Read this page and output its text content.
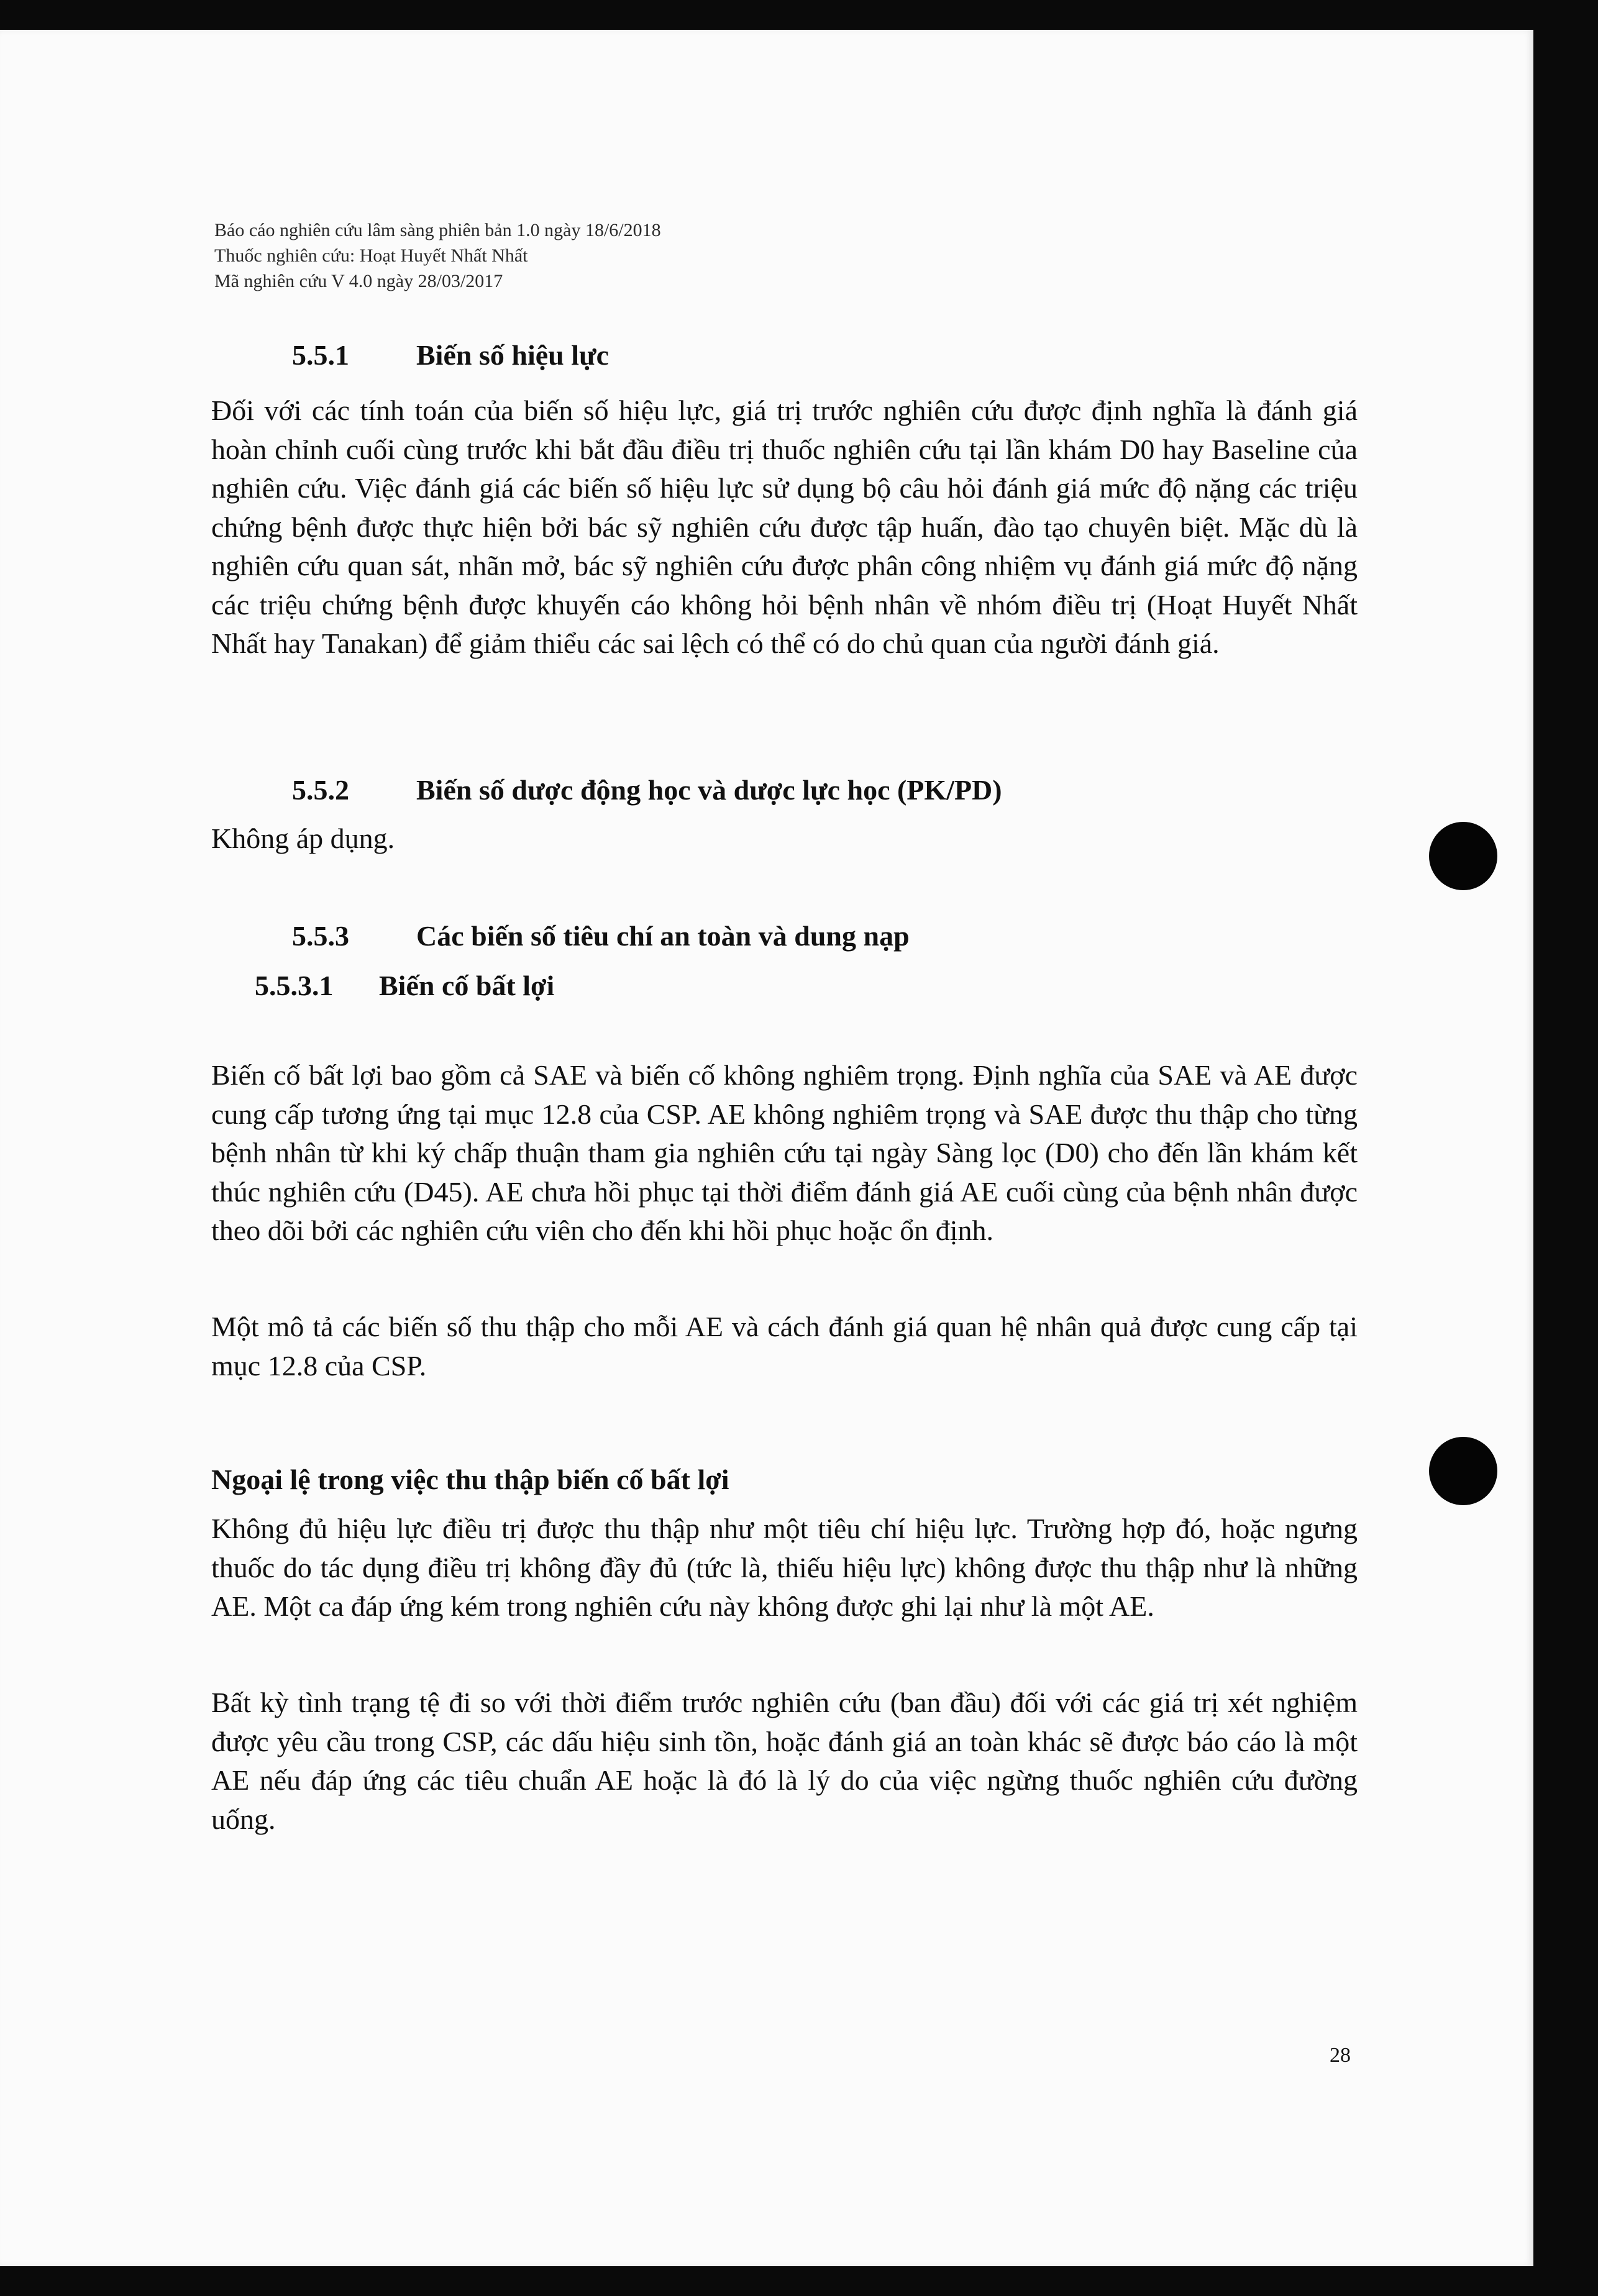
Báo cáo nghiên cứu lâm sàng phiên bản 1.0 ngày 18/6/2018
Thuốc nghiên cứu: Hoạt Huyết Nhất Nhất
Mã nghiên cứu V 4.0 ngày 28/03/2017
5.5.1 Biến số hiệu lực

Đối với các tính toán của biến số hiệu lực, giá trị trước nghiên cứu được định nghĩa là đánh giá hoàn chỉnh cuối cùng trước khi bắt đầu điều trị thuốc nghiên cứu tại lần khám D0 hay Baseline của nghiên cứu. Việc đánh giá các biến số hiệu lực sử dụng bộ câu hỏi đánh giá mức độ nặng các triệu chứng bệnh được thực hiện bởi bác sỹ nghiên cứu được tập huấn, đào tạo chuyên biệt. Mặc dù là nghiên cứu quan sát, nhãn mở, bác sỹ nghiên cứu được phân công nhiệm vụ đánh giá mức độ nặng các triệu chứng bệnh được khuyến cáo không hỏi bệnh nhân về nhóm điều trị (Hoạt Huyết Nhất Nhất hay Tanakan) để giảm thiểu các sai lệch có thể có do chủ quan của người đánh giá.

5.5.2 Biến số dược động học và dược lực học (PK/PD)
Không áp dụng.
5.5.3 Các biến số tiêu chí an toàn và dung nạp
5.5.3.1 Biến cố bất lợi

Biến cố bất lợi bao gồm cả SAE và biến cố không nghiêm trọng. Định nghĩa của SAE và AE được cung cấp tương ứng tại mục 12.8 của CSP. AE không nghiêm trọng và SAE được thu thập cho từng bệnh nhân từ khi ký chấp thuận tham gia nghiên cứu tại ngày Sàng lọc (D0) cho đến lần khám kết thúc nghiên cứu (D45). AE chưa hồi phục tại thời điểm đánh giá AE cuối cùng của bệnh nhân được theo dõi bởi các nghiên cứu viên cho đến khi hồi phục hoặc ổn định.

Một mô tả các biến số thu thập cho mỗi AE và cách đánh giá quan hệ nhân quả được cung cấp tại mục 12.8 của CSP.

Ngoại lệ trong việc thu thập biến cố bất lợi

Không đủ hiệu lực điều trị được thu thập như một tiêu chí hiệu lực. Trường hợp đó, hoặc ngưng thuốc do tác dụng điều trị không đầy đủ (tức là, thiếu hiệu lực) không được thu thập như là những AE. Một ca đáp ứng kém trong nghiên cứu này không được ghi lại như là một AE.

Bất kỳ tình trạng tệ đi so với thời điểm trước nghiên cứu (ban đầu) đối với các giá trị xét nghiệm được yêu cầu trong CSP, các dấu hiệu sinh tồn, hoặc đánh giá an toàn khác sẽ được báo cáo là một AE nếu đáp ứng các tiêu chuẩn AE hoặc là đó là lý do của việc ngừng thuốc nghiên cứu đường uống.

28
